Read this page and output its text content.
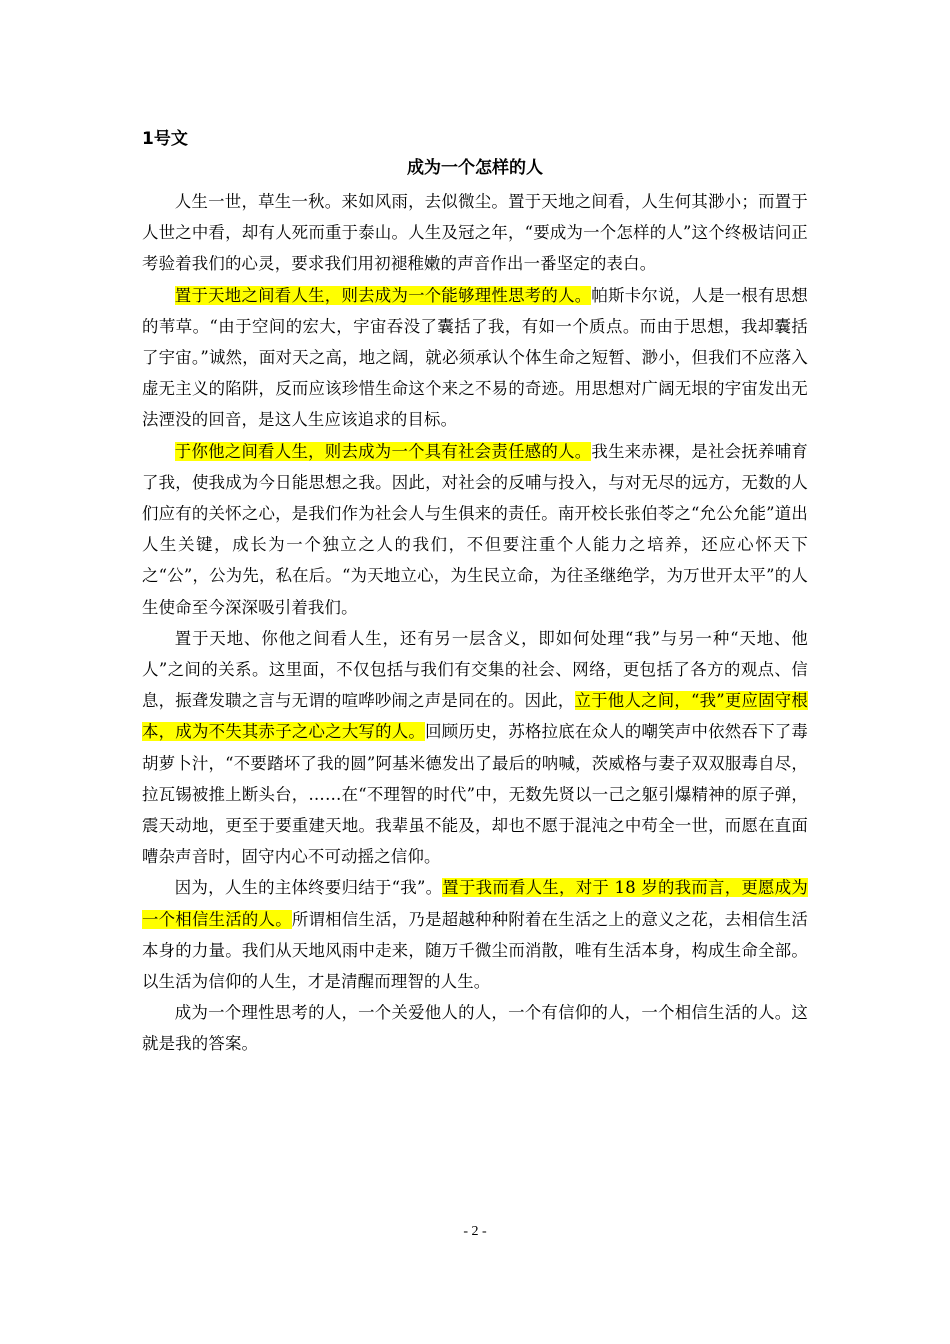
1号文
成为一个怎样的人

人生一世，草生一秋。来如风雨，去似微尘。置于天地之间看，人生何其渺小；而置于人世之中看，却有人死而重于泰山。人生及冠之年，“要成为一个怎样的人”这个终极诘问正考验着我们的心灵，要求我们用初褪稚嫩的声音作出一番坚定的表白。

置于天地之间看人生，则去成为一个能够理性思考的人。帕斯卡尔说，人是一根有思想的苇草。“由于空间的宏大，宇宙吞没了囊括了我，有如一个质点。而由于思想，我却囊括了宇宙。”诚然，面对天之高，地之阔，就必须承认个体生命之短暂、渺小，但我们不应落入虚无主义的陷阱，反而应该珍惜生命这个来之不易的奇迹。用思想对广阔无垠的宇宙发出无法湮没的回音，是这人生应该追求的目标。

于你他之间看人生，则去成为一个具有社会责任感的人。我生来赤裸，是社会抚养哺育了我，使我成为今日能思想之我。因此，对社会的反哺与投入，与对无尽的远方，无数的人们应有的关怀之心，是我们作为社会人与生俱来的责任。南开校长张伯苓之“允公允能”道出人生关键，成长为一个独立之人的我们，不但要注重个人能力之培养，还应心怀天下之“公”，公为先，私在后。“为天地立心，为生民立命，为往圣继绝学，为万世开太平”的人生使命至今深深吸引着我们。

置于天地、你他之间看人生，还有另一层含义，即如何处理“我”与另一种“天地、他人”之间的关系。这里面，不仅包括与我们有交集的社会、网络，更包括了各方的观点、信息，振聋发聩之言与无谓的喧哗吵闹之声是同在的。因此，立于他人之间，“我”更应固守根本，成为不失其赤子之心之大写的人。回顾历史，苏格拉底在众人的嘲笑声中依然吞下了毒胡萝卜汁，“不要踏坏了我的圆”阿基米德发出了最后的呐喊，茨威格与妻子双双服毒自尽，拉瓦锡被推上断头台，……在“不理智的时代”中，无数先贤以一己之躯引爆精神的原子弹，震天动地，更至于要重建天地。我辈虽不能及，却也不愿于混沌之中苟全一世，而愿在直面嘈杂声音时，固守内心不可动摇之信仰。

因为，人生的主体终要归结于“我”。置于我而看人生，对于 18 岁的我而言，更愿成为一个相信生活的人。所谓相信生活，乃是超越种种附着在生活之上的意义之花，去相信生活本身的力量。我们从天地风雨中走来，随万千微尘而消散，唯有生活本身，构成生命全部。以生活为信仰的人生，才是清醒而理智的人生。

成为一个理性思考的人，一个关爱他人的人，一个有信仰的人，一个相信生活的人。这就是我的答案。

- 2 -
